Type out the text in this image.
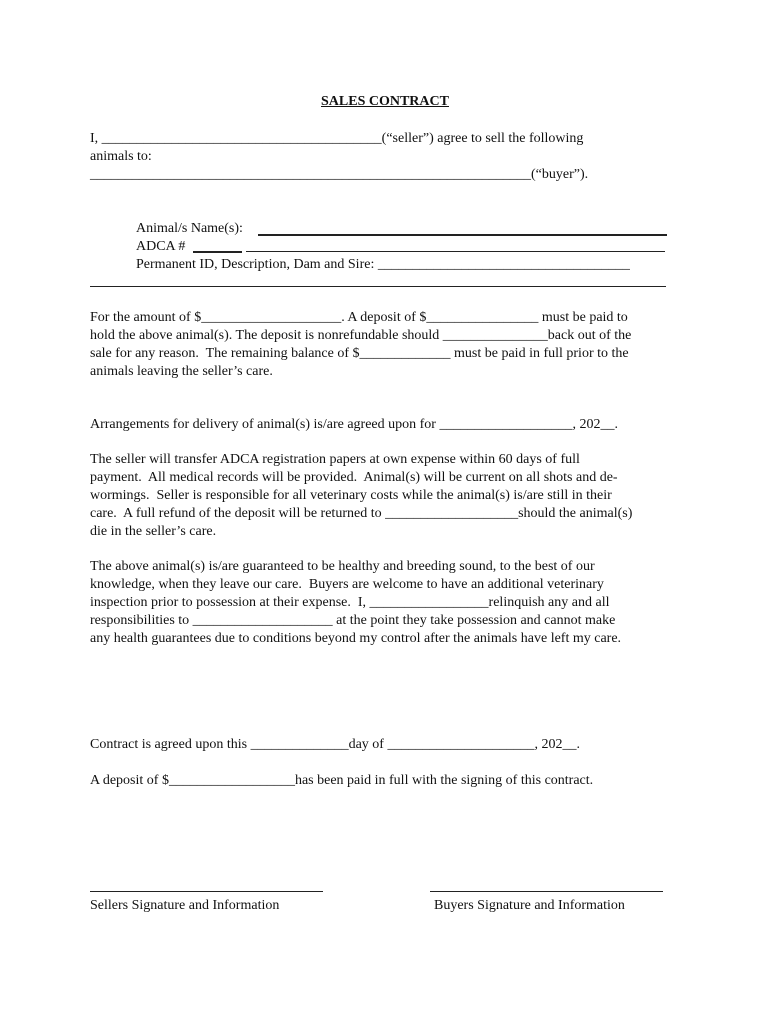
SALES CONTRACT
I, ________________________________________(“seller”) agree to sell the following
animals to:
_______________________________________________________________(“buyer”).
Animal/s Name(s):
ADCA #
Permanent ID, Description, Dam and Sire: ____________________________________
For the amount of $____________________. A deposit of $________________ must be paid to
hold the above animal(s). The deposit is nonrefundable should _______________back out of the
sale for any reason.  The remaining balance of $_____________ must be paid in full prior to the
animals leaving the seller’s care.
Arrangements for delivery of animal(s) is/are agreed upon for ___________________, 202__.
The seller will transfer ADCA registration papers at own expense within 60 days of full
payment.  All medical records will be provided.  Animal(s) will be current on all shots and de-
wormings.  Seller is responsible for all veterinary costs while the animal(s) is/are still in their
care.  A full refund of the deposit will be returned to ___________________should the animal(s)
die in the seller’s care.
The above animal(s) is/are guaranteed to be healthy and breeding sound, to the best of our
knowledge, when they leave our care.  Buyers are welcome to have an additional veterinary
inspection prior to possession at their expense.  I, _________________relinquish any and all
responsibilities to ____________________ at the point they take possession and cannot make
any health guarantees due to conditions beyond my control after the animals have left my care.
Contract is agreed upon this ______________day of _____________________, 202__.
A deposit of $__________________has been paid in full with the signing of this contract.
Sellers Signature and Information	Buyers Signature and Information
